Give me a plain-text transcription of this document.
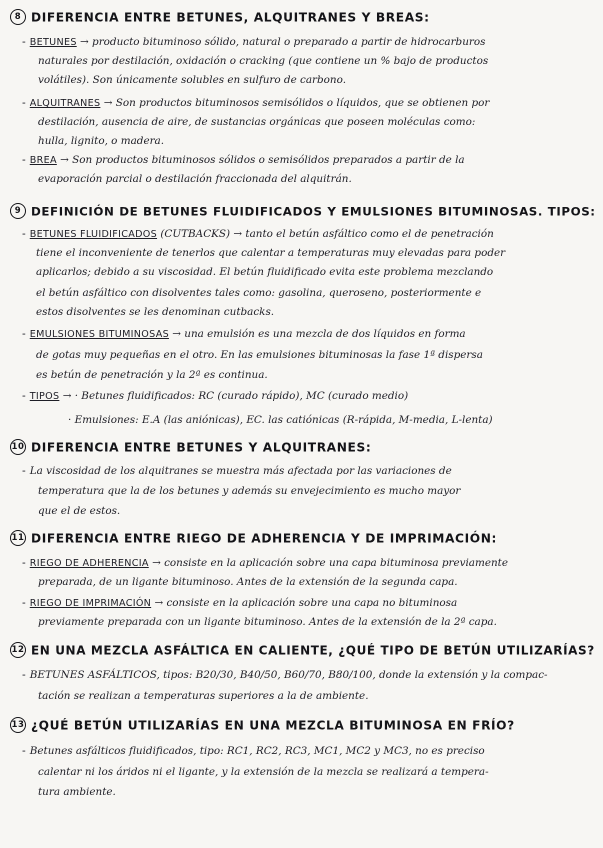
8 DIFERENCIA ENTRE BETUNES, ALQUITRANES Y BREAS:
- BETUNES → producto bituminoso sólido, natural o preparado a partir de hidrocarburos
naturales por destilación, oxidación o cracking (que contiene un % bajo de productos
volátiles). Son únicamente solubles en sulfuro de carbono.
- ALQUITRANES → Son productos bituminosos semisólidos o líquidos, que se obtienen por
destilación, ausencia de aire, de sustancias orgánicas que poseen moléculas como:
hulla, lignito, o madera.
- BREA → Son productos bituminosos sólidos o semisólidos preparados a partir de la
evaporación parcial o destilación fraccionada del alquitrán.
9 DEFINICIÓN DE BETUNES FLUIDIFICADOS Y EMULSIONES BITUMINOSAS. TIPOS:
- BETUNES FLUIDIFICADOS (CUTBACKS) → tanto el betún asfáltico como el de penetración
tiene el inconveniente de tenerlos que calentar a temperaturas muy elevadas para poder
aplicarlos; debido a su viscosidad. El betún fluidificado evita este problema mezclando
el betún asfáltico con disolventes tales como: gasolina, queroseno, posteriormente e
estos disolventes se les denominan cutbacks.
- EMULSIONES BITUMINOSAS → una emulsión es una mezcla de dos líquidos en forma
de gotas muy pequeñas en el otro. En las emulsiones bituminosas la fase 1ª dispersa
es betún de penetración y la 2ª es continua.
- TIPOS → · Betunes fluidificados: RC (curado rápido), MC (curado medio)
· Emulsiones: E.A (las aniónicas), EC. las catiónicas (R-rápida, M-media, L-lenta)
10 DIFERENCIA ENTRE BETUNES Y ALQUITRANES:
- La viscosidad de los alquitranes se muestra más afectada por las variaciones de
temperatura que la de los betunes y además su envejecimiento es mucho mayor
que el de estos.
11 DIFERENCIA ENTRE RIEGO DE ADHERENCIA Y DE IMPRIMACIÓN:
- RIEGO DE ADHERENCIA → consiste en la aplicación sobre una capa bituminosa previamente
preparada, de un ligante bituminoso. Antes de la extensión de la segunda capa.
- RIEGO DE IMPRIMACIÓN → consiste en la aplicación sobre una capa no bituminosa
previamente preparada con un ligante bituminoso. Antes de la extensión de la 2ª capa.
12 EN UNA MEZCLA ASFÁLTICA EN CALIENTE, ¿QUÉ TIPO DE BETÚN UTILIZARÍAS?
- BETUNES ASFÁLTICOS, tipos: B20/30, B40/50, B60/70, B80/100, donde la extensión y la compac-
tación se realizan a temperaturas superiores a la de ambiente.
13 ¿QUÉ BETÚN UTILIZARÍAS EN UNA MEZCLA BITUMINOSA EN FRÍO?
- Betunes asfálticos fluidificados, tipo: RC1, RC2, RC3, MC1, MC2 y MC3, no es preciso
calentar ni los áridos ni el ligante, y la extensión de la mezcla se realizará a tempera-
tura ambiente.
